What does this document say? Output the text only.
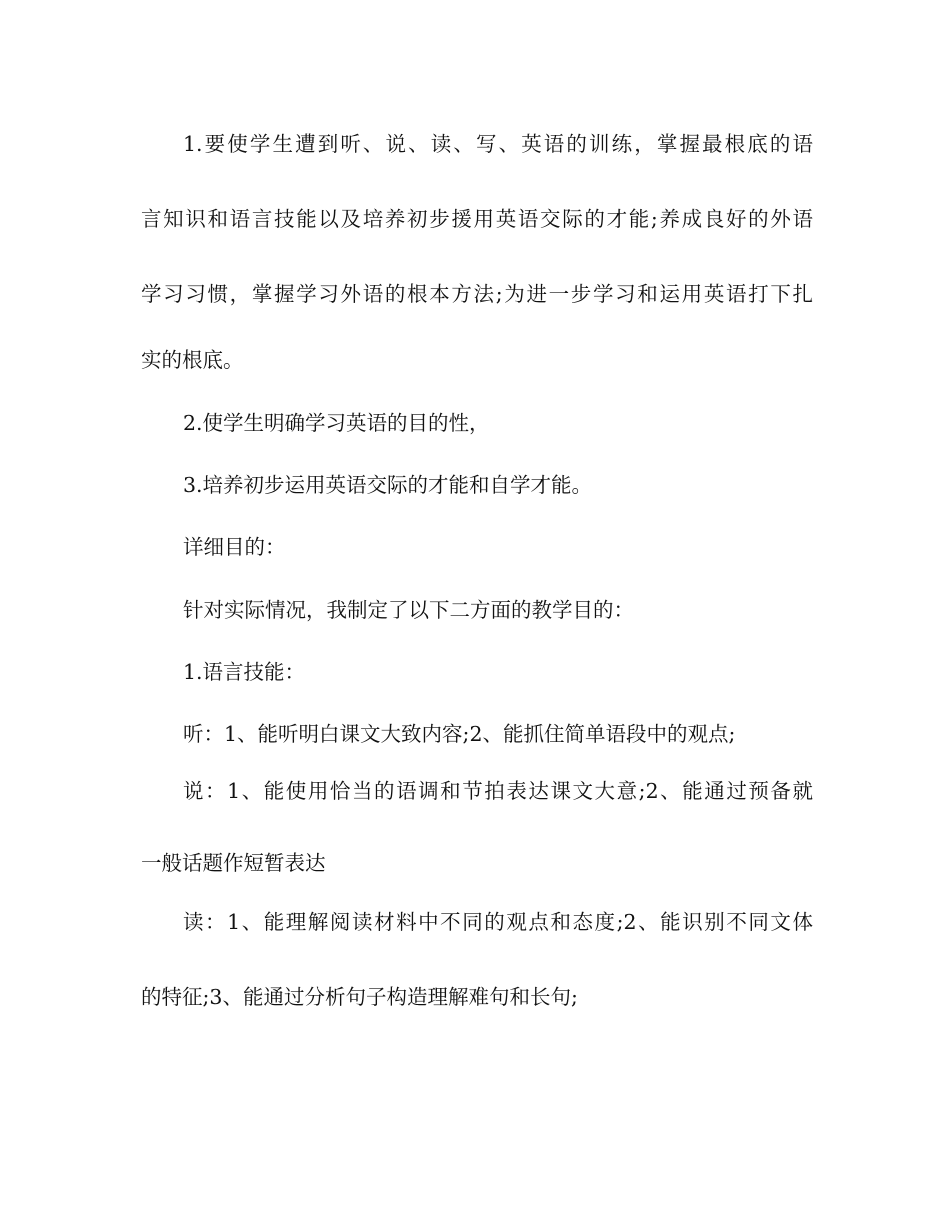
1.要使学生遭到听、说、读、写、英语的训练，掌握最根底的语
言知识和语言技能以及培养初步援用英语交际的才能;养成良好的外语
学习习惯，掌握学习外语的根本方法;为进一步学习和运用英语打下扎
实的根底。
2.使学生明确学习英语的目的性，
3.培养初步运用英语交际的才能和自学才能。
详细目的：
针对实际情况，我制定了以下二方面的教学目的：
1.语言技能：
听：1、能听明白课文大致内容;2、能抓住简单语段中的观点;
说：1、能使用恰当的语调和节拍表达课文大意;2、能通过预备就
一般话题作短暂表达
读：1、能理解阅读材料中不同的观点和态度;2、能识别不同文体
的特征;3、能通过分析句子构造理解难句和长句;
